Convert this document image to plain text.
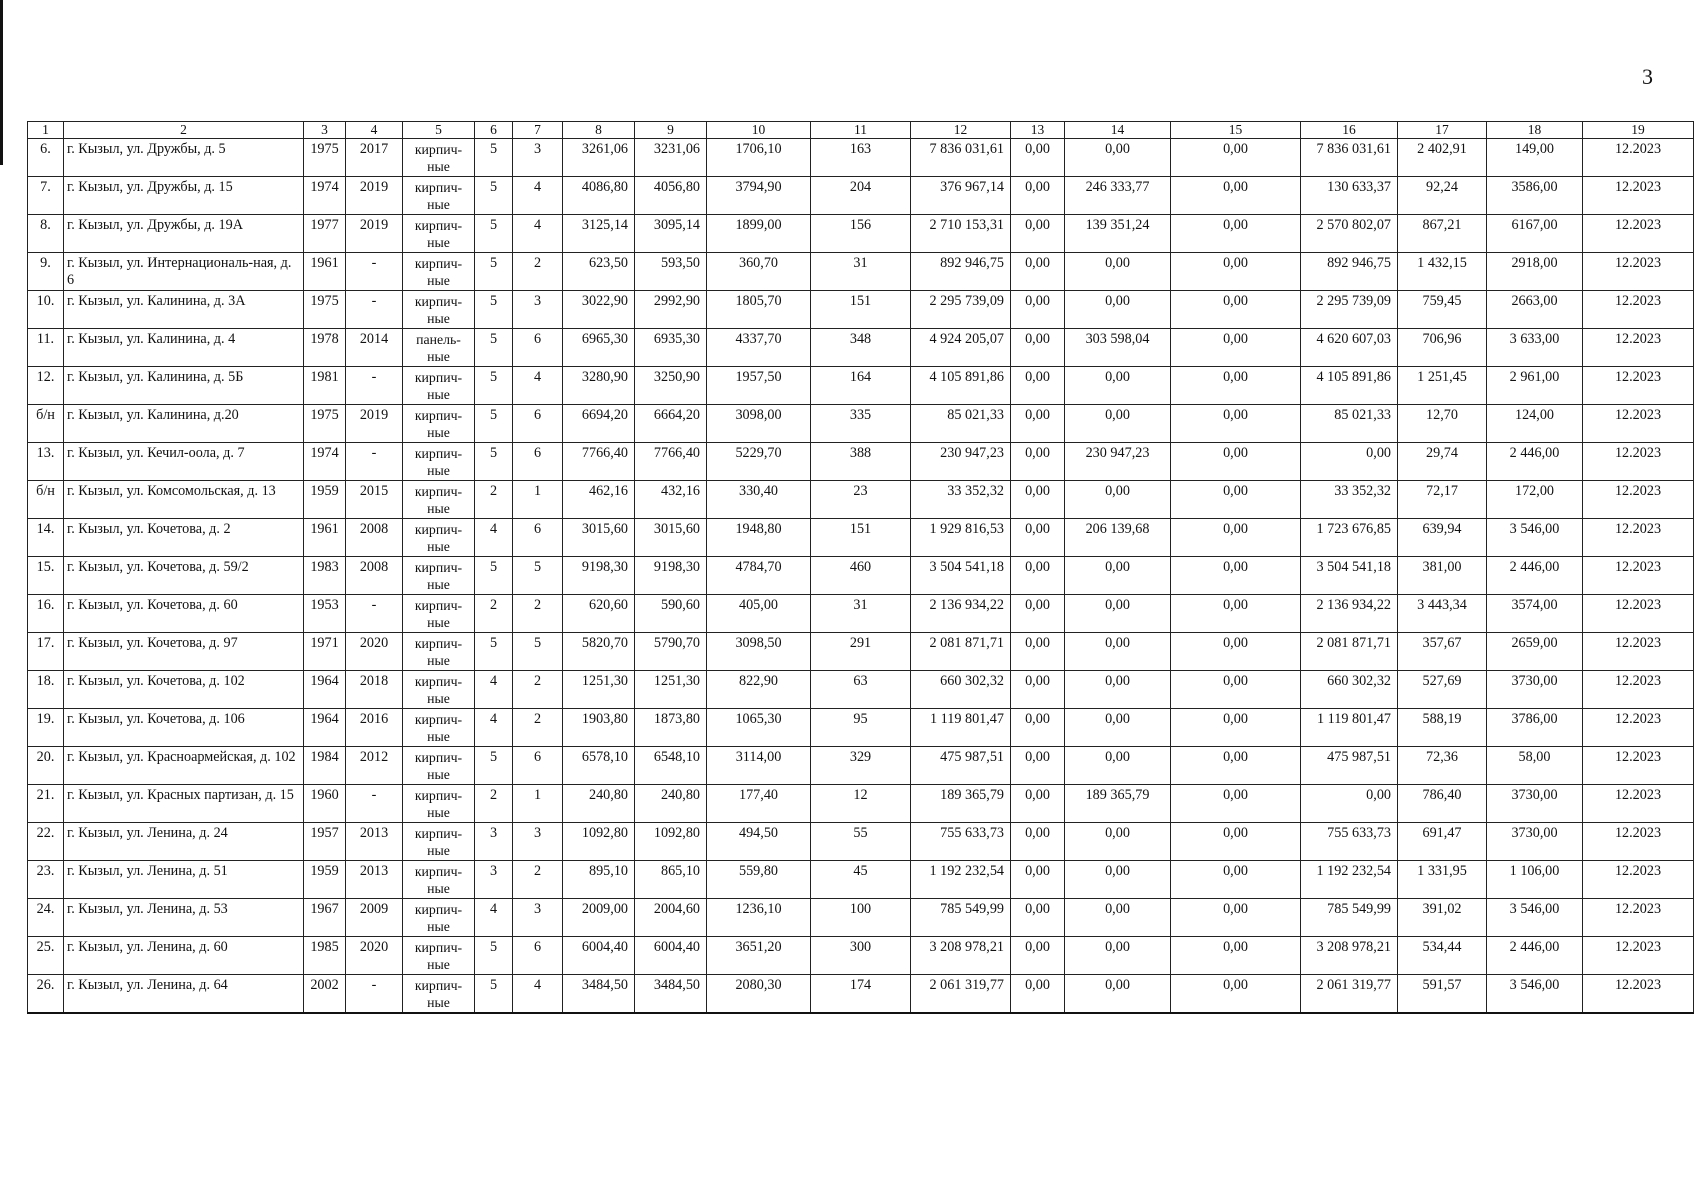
3
1	2	3	4	5	6	7	8	9	10	11	12	13	14	15	16	17	18	19
6.	г. Кызыл, ул. Дружбы, д. 5	1975	2017	кирпич-ные	5	3	3261,06	3231,06	1706,10	163	7 836 031,61	0,00	0,00	0,00	7 836 031,61	2 402,91	149,00	12.2023
7.	г. Кызыл, ул. Дружбы, д. 15	1974	2019	кирпич-ные	5	4	4086,80	4056,80	3794,90	204	376 967,14	0,00	246 333,77	0,00	130 633,37	92,24	3586,00	12.2023
8.	г. Кызыл, ул. Дружбы, д. 19А	1977	2019	кирпич-ные	5	4	3125,14	3095,14	1899,00	156	2 710 153,31	0,00	139 351,24	0,00	2 570 802,07	867,21	6167,00	12.2023
9.	г. Кызыл, ул. Интернациональ-ная, д. 6	1961	-	кирпич-ные	5	2	623,50	593,50	360,70	31	892 946,75	0,00	0,00	0,00	892 946,75	1 432,15	2918,00	12.2023
10.	г. Кызыл, ул. Калинина, д. 3А	1975	-	кирпич-ные	5	3	3022,90	2992,90	1805,70	151	2 295 739,09	0,00	0,00	0,00	2 295 739,09	759,45	2663,00	12.2023
11.	г. Кызыл, ул. Калинина, д. 4	1978	2014	панель-ные	5	6	6965,30	6935,30	4337,70	348	4 924 205,07	0,00	303 598,04	0,00	4 620 607,03	706,96	3 633,00	12.2023
12.	г. Кызыл, ул. Калинина, д. 5Б	1981	-	кирпич-ные	5	4	3280,90	3250,90	1957,50	164	4 105 891,86	0,00	0,00	0,00	4 105 891,86	1 251,45	2 961,00	12.2023
б/н	г. Кызыл, ул. Калинина, д.20	1975	2019	кирпич-ные	5	6	6694,20	6664,20	3098,00	335	85 021,33	0,00	0,00	0,00	85 021,33	12,70	124,00	12.2023
13.	г. Кызыл, ул. Кечил-оола, д. 7	1974	-	кирпич-ные	5	6	7766,40	7766,40	5229,70	388	230 947,23	0,00	230 947,23	0,00	0,00	29,74	2 446,00	12.2023
б/н	г. Кызыл, ул. Комсомольская, д. 13	1959	2015	кирпич-ные	2	1	462,16	432,16	330,40	23	33 352,32	0,00	0,00	0,00	33 352,32	72,17	172,00	12.2023
14.	г. Кызыл, ул. Кочетова, д. 2	1961	2008	кирпич-ные	4	6	3015,60	3015,60	1948,80	151	1 929 816,53	0,00	206 139,68	0,00	1 723 676,85	639,94	3 546,00	12.2023
15.	г. Кызыл, ул. Кочетова, д. 59/2	1983	2008	кирпич-ные	5	5	9198,30	9198,30	4784,70	460	3 504 541,18	0,00	0,00	0,00	3 504 541,18	381,00	2 446,00	12.2023
16.	г. Кызыл, ул. Кочетова, д. 60	1953	-	кирпич-ные	2	2	620,60	590,60	405,00	31	2 136 934,22	0,00	0,00	0,00	2 136 934,22	3 443,34	3574,00	12.2023
17.	г. Кызыл, ул. Кочетова, д. 97	1971	2020	кирпич-ные	5	5	5820,70	5790,70	3098,50	291	2 081 871,71	0,00	0,00	0,00	2 081 871,71	357,67	2659,00	12.2023
18.	г. Кызыл, ул. Кочетова, д. 102	1964	2018	кирпич-ные	4	2	1251,30	1251,30	822,90	63	660 302,32	0,00	0,00	0,00	660 302,32	527,69	3730,00	12.2023
19.	г. Кызыл, ул. Кочетова, д. 106	1964	2016	кирпич-ные	4	2	1903,80	1873,80	1065,30	95	1 119 801,47	0,00	0,00	0,00	1 119 801,47	588,19	3786,00	12.2023
20.	г. Кызыл, ул. Красноармейская, д. 102	1984	2012	кирпич-ные	5	6	6578,10	6548,10	3114,00	329	475 987,51	0,00	0,00	0,00	475 987,51	72,36	58,00	12.2023
21.	г. Кызыл, ул. Красных партизан, д. 15	1960	-	кирпич-ные	2	1	240,80	240,80	177,40	12	189 365,79	0,00	189 365,79	0,00	0,00	786,40	3730,00	12.2023
22.	г. Кызыл, ул. Ленина, д. 24	1957	2013	кирпич-ные	3	3	1092,80	1092,80	494,50	55	755 633,73	0,00	0,00	0,00	755 633,73	691,47	3730,00	12.2023
23.	г. Кызыл, ул. Ленина, д. 51	1959	2013	кирпич-ные	3	2	895,10	865,10	559,80	45	1 192 232,54	0,00	0,00	0,00	1 192 232,54	1 331,95	1 106,00	12.2023
24.	г. Кызыл, ул. Ленина, д. 53	1967	2009	кирпич-ные	4	3	2009,00	2004,60	1236,10	100	785 549,99	0,00	0,00	0,00	785 549,99	391,02	3 546,00	12.2023
25.	г. Кызыл, ул. Ленина, д. 60	1985	2020	кирпич-ные	5	6	6004,40	6004,40	3651,20	300	3 208 978,21	0,00	0,00	0,00	3 208 978,21	534,44	2 446,00	12.2023
26.	г. Кызыл, ул. Ленина, д. 64	2002	-	кирпич-ные	5	4	3484,50	3484,50	2080,30	174	2 061 319,77	0,00	0,00	0,00	2 061 319,77	591,57	3 546,00	12.2023
